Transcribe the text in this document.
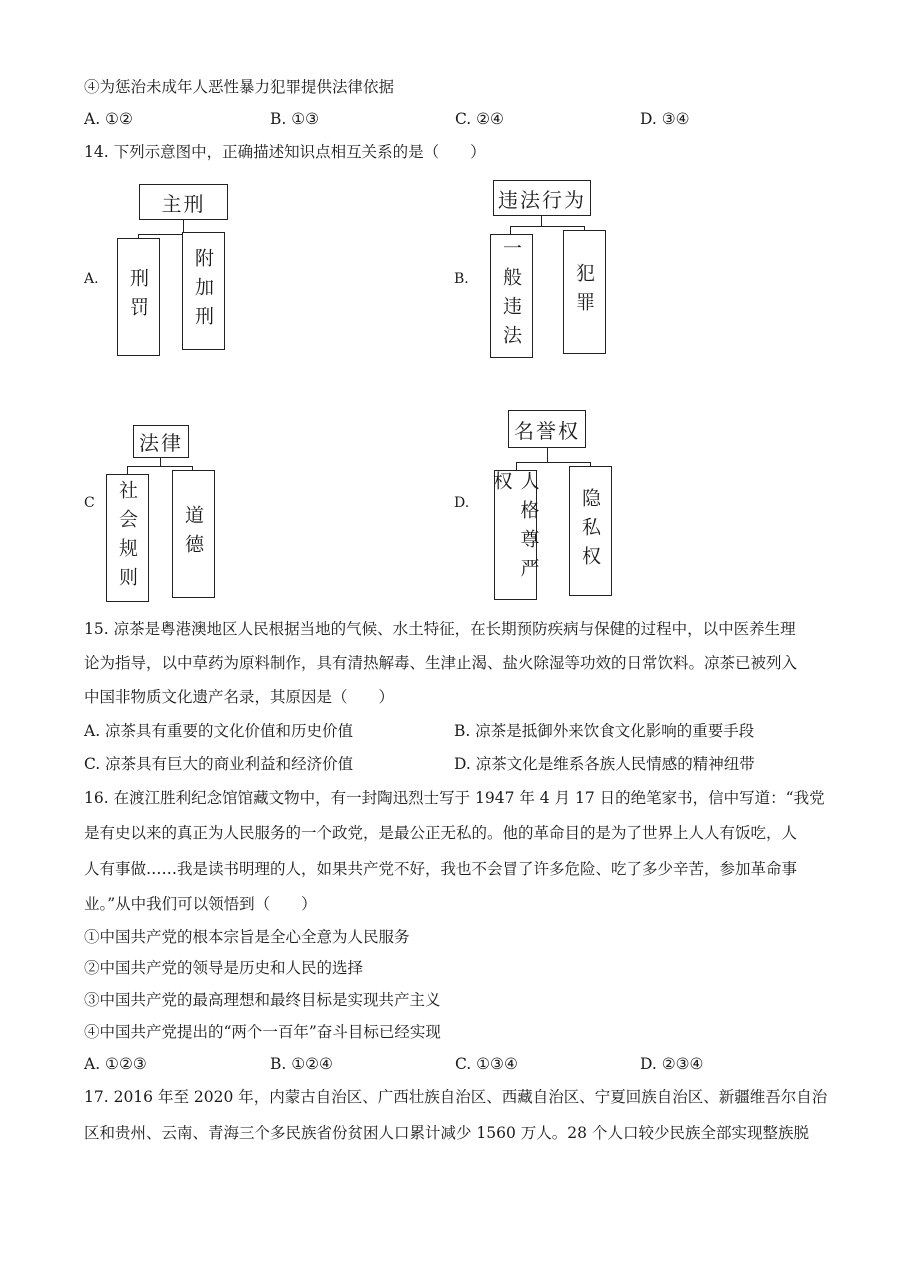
④为惩治未成年人恶性暴力犯罪提供法律依据
A. ①②	B. ①③	C. ②④	D. ③④
14. 下列示意图中，正确描述知识点相互关系的是（　　）
A.
主刑
刑罚	附加刑	B.
违法行为
一般违法	犯罪
C
法律
社会规则	道德
D.
名誉权
人格尊严权
隐私权
15. 凉茶是粤港澳地区人民根据当地的气候、水土特征，在长期预防疾病与保健的过程中，以中医养生理
论为指导，以中草药为原料制作，具有清热解毒、生津止渴、盐火除湿等功效的日常饮料。凉茶已被列入
中国非物质文化遗产名录，其原因是（　　）
A. 凉茶具有重要的文化价值和历史价值	B. 凉茶是抵御外来饮食文化影响的重要手段
C. 凉茶具有巨大的商业利益和经济价值	D. 凉茶文化是维系各族人民情感的精神纽带
16. 在渡江胜利纪念馆馆藏文物中，有一封陶迅烈士写于 1947 年 4 月 17 日的绝笔家书，信中写道：“我党
是有史以来的真正为人民服务的一个政党，是最公正无私的。他的革命目的是为了世界上人人有饭吃，人
人有事做……我是读书明理的人，如果共产党不好，我也不会冒了许多危险、吃了多少辛苦，参加革命事
业。”从中我们可以领悟到（　　）
①中国共产党的根本宗旨是全心全意为人民服务
②中国共产党的领导是历史和人民的选择
③中国共产党的最高理想和最终目标是实现共产主义
④中国共产党提出的“两个一百年”奋斗目标已经实现
A. ①②③	B. ①②④	C. ①③④	D. ②③④
17. 2016 年至 2020 年，内蒙古自治区、广西壮族自治区、西藏自治区、宁夏回族自治区、新疆维吾尔自治
区和贵州、云南、青海三个多民族省份贫困人口累计减少 1560 万人。28 个人口较少民族全部实现整族脱
